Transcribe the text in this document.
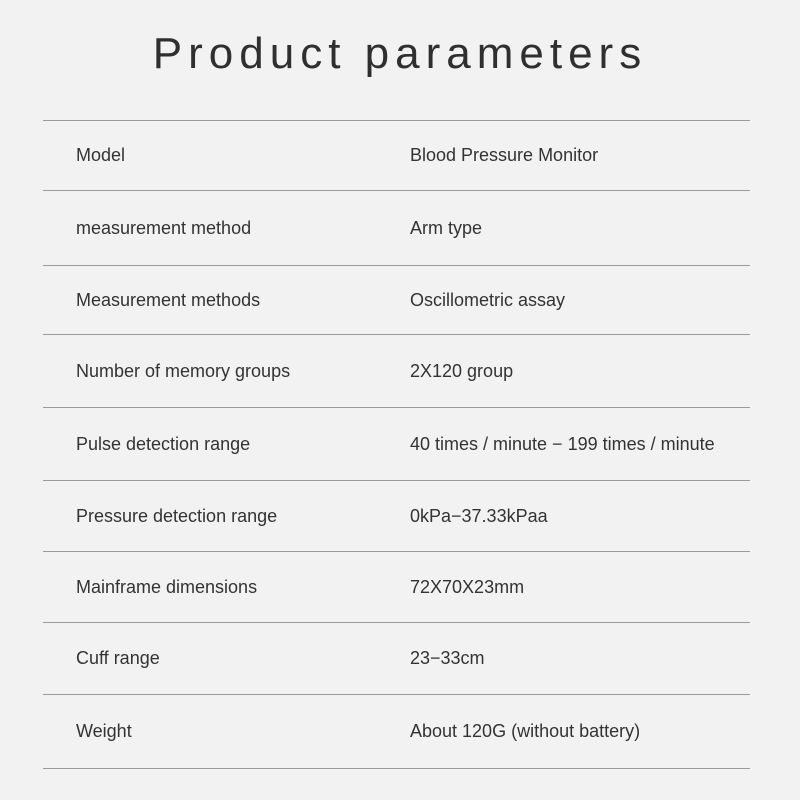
Product parameters
Model	Blood Pressure Monitor
measurement method	Arm type
Measurement methods	Oscillometric assay
Number of memory groups	2X120 group
Pulse detection range	40 times / minute − 199 times / minute
Pressure detection range	0kPa−37.33kPaa
Mainframe dimensions	72X70X23mm
Cuff range	23−33cm
Weight	About 120G (without battery)
